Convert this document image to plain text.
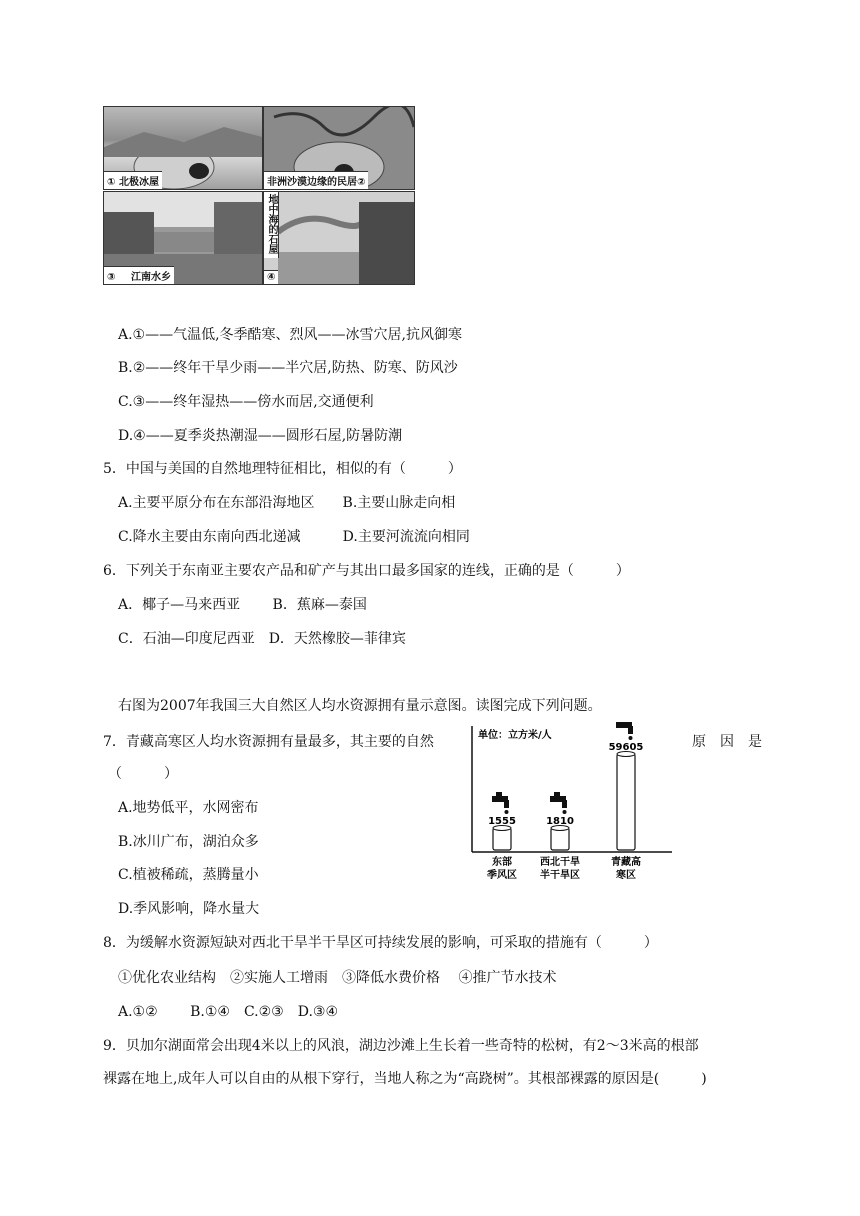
① 北极冰屋	非洲沙漠边缘的民居②
③ 江南水乡
地中海的石屋
④
A.①——气温低,冬季酷寒、烈风——冰雪穴居,抗风御寒
B.②——终年干旱少雨——半穴居,防热、防寒、防风沙
C.③——终年湿热——傍水而居,交通便利
D.④——夏季炎热潮湿——圆形石屋,防暑防潮
5．中国与美国的自然地理特征相比，相似的有（　　　）
A.主要平原分布在东部沿海地区　　B.主要山脉走向相
C.降水主要由东南向西北递减　　　D.主要河流流向相同
6．下列关于东南亚主要农产品和矿产与其出口最多国家的连线，正确的是（　　　）
A．椰子—马来西亚　　 B．蕉麻—泰国
C．石油—印度尼西亚　D．天然橡胶—菲律宾
右图为2007年我国三大自然区人均水资源拥有量示意图。读图完成下列问题。
7．青藏高寒区人均水资源拥有量最多，其主要的自然	原　因　是
（　　　）
A.地势低平，水网密布
B.冰川广布，湖泊众多
C.植被稀疏，蒸腾量小
D.季风影响，降水量大
单位：立方米/人
1555
东部
季风区
1810
西北干旱
半干旱区
59605
青藏高
寒区
8．为缓解水资源短缺对西北干旱半干旱区可持续发展的影响，可采取的措施有（　　　）
①优化农业结构　②实施人工增雨　③降低水费价格　 ④推广节水技术
A.①②　　 B.①④　C.②③　D.③④
9．贝加尔湖面常会出现4米以上的风浪，湖边沙滩上生长着一些奇特的松树，有2～3米高的根部
裸露在地上,成年人可以自由的从根下穿行，当地人称之为“高跷树”。其根部裸露的原因是(　　　)
